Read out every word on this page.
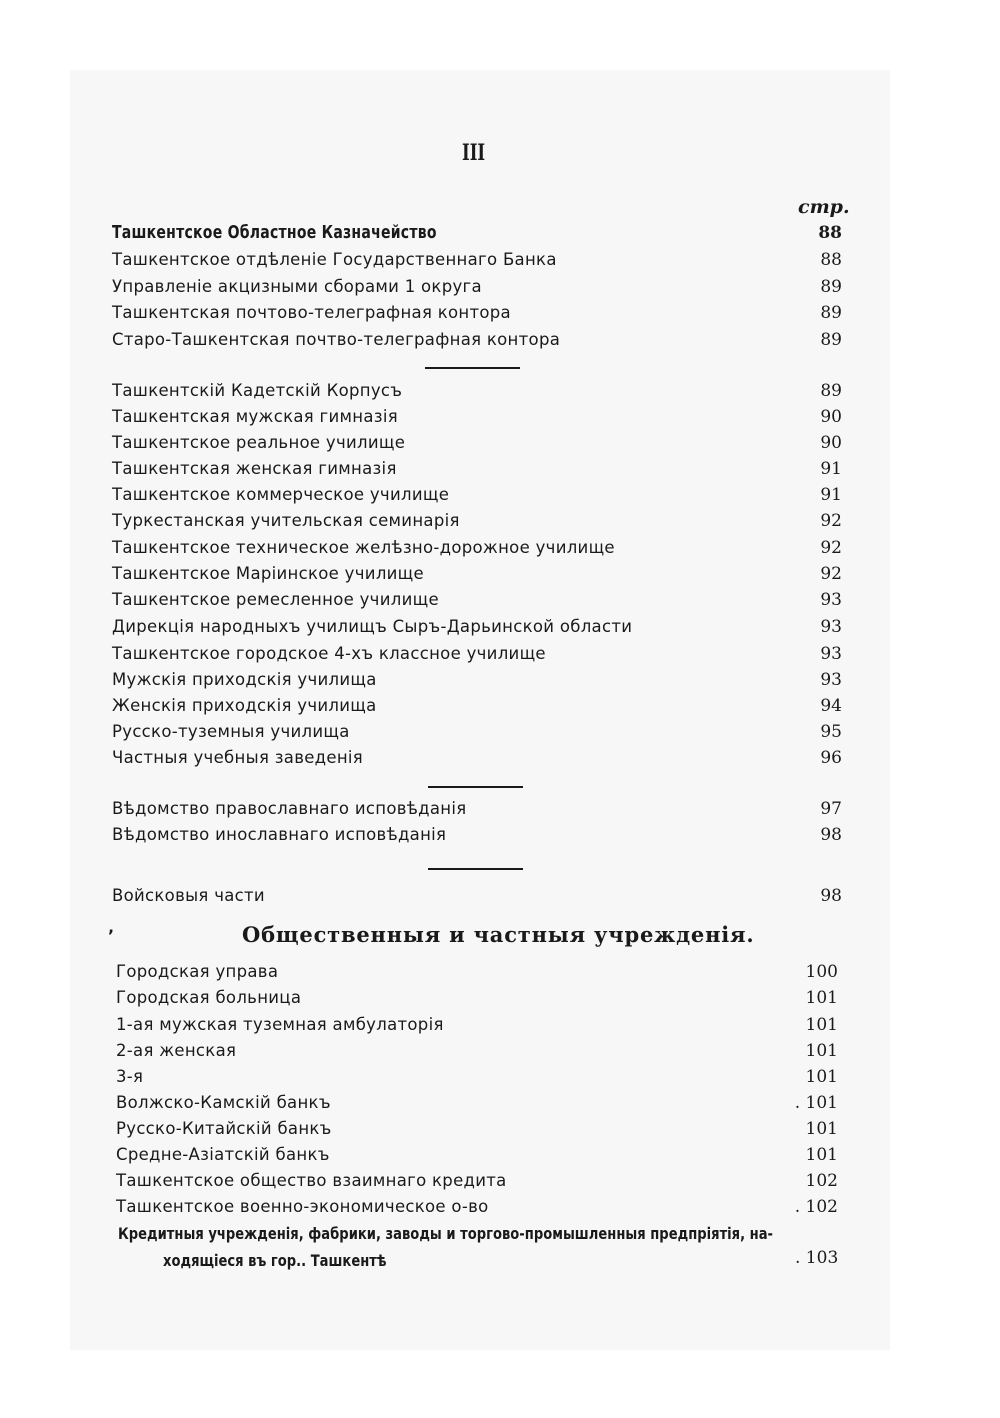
III
стр.
Ташкентское Областное Казначейство	88
Ташкентское отдѣленіе Государственнаго Банка	88
Управленіе акцизными сборами 1 округа	89
Ташкентская почтово-телеграфная контора	89
Старо-Ташкентская почтво-телеграфная контора	89
Ташкентскій Кадетскій Корпусъ	89
Ташкентская мужская гимназія	90
Ташкентское реальное училище	90
Ташкентская женская гимназія	91
Ташкентское коммерческое училище	91
Туркестанская учительская семинарія	92
Ташкентское техническое желѣзно-дорожное училище	92
Ташкентское Маріинское училище	92
Ташкентское ремесленное училище	93
Дирекція народныхъ училищъ Сыръ-Дарьинской области	93
Ташкентское городское 4-хъ классное училище	93
Мужскія приходскія училища	93
Женскія приходскія училища	94
Русско-туземныя училища	95
Частныя учебныя заведенія	96
Вѣдомство православнаго исповѣданія	97
Вѣдомство инославнаго исповѣданія	98
Войсковыя части	98
ʼ	Общественныя и частныя учрежденія.
Городская управа	100
Городская больница	101
1-ая мужская туземная амбулаторія	101
2-ая женская	101
3-я	101
Волжско-Камскій банкъ	. 101
Русско-Китайскій банкъ	101
Средне-Азіатскій банкъ	101
Ташкентское общество взаимнаго кредита	102
Ташкентское военно-экономическое о-во	. 102
Кредитныя учрежденія, фабрики, заводы и торгово-промышленныя предпріятія, на-
ходящіеся въ гор.. Ташкентѣ	. 103
